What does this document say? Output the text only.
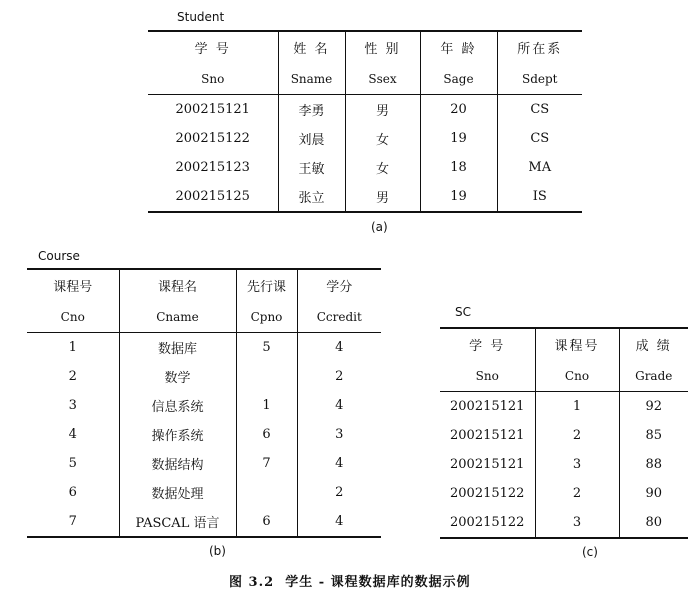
Student
学 号	姓 名	性 别	年 龄	所在系
Sno	Sname	Ssex	Sage	Sdept
200215121	李勇	男	20	CS
200215122	刘晨	女	19	CS
200215123	王敏	女	18	MA
200215125	张立	男	19	IS
(a)
Course
课程号	课程名	先行课	学分
Cno	Cname	Cpno	Ccredit
1	数据库	5	4
2	数学		2
3	信息系统	1	4
4	操作系统	6	3
5	数据结构	7	4
6	数据处理		2
7	PASCAL 语言	6	4
(b)
SC
学 号	课程号	成 绩
Sno	Cno	Grade
200215121	1	92
200215121	2	85
200215121	3	88
200215122	2	90
200215122	3	80
(c)
图 3.2  学生 - 课程数据库的数据示例
